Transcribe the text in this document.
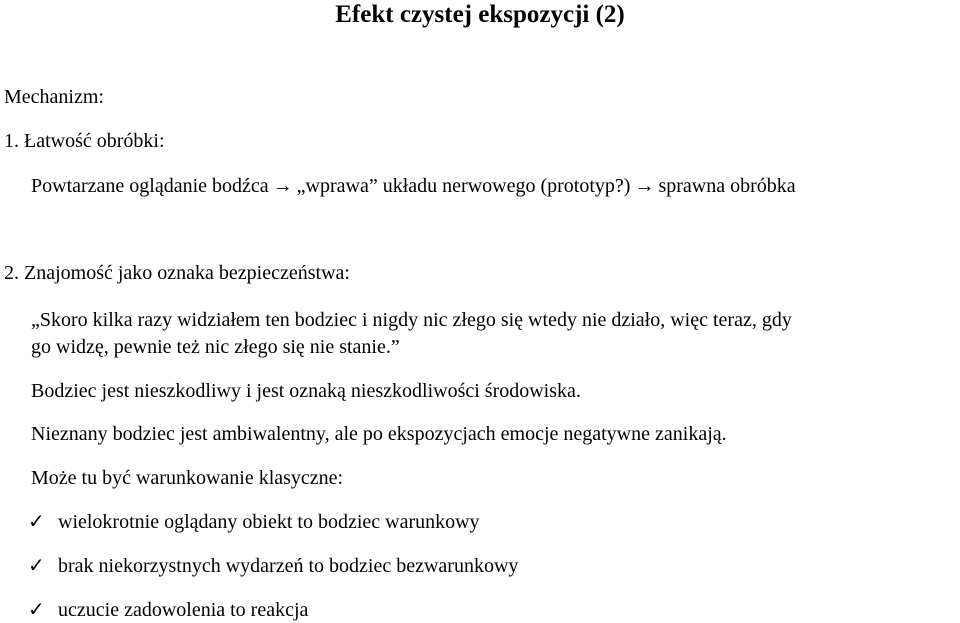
Efekt czystej ekspozycji (2)
Mechanizm:
1. Łatwość obróbki:
Powtarzane oglądanie bodźca → „wprawa” układu nerwowego (prototyp?) → sprawna obróbka
2. Znajomość jako oznaka bezpieczeństwa:
„Skoro kilka razy widziałem ten bodziec i nigdy nic złego się wtedy nie działo, więc teraz, gdy
go widzę, pewnie też nic złego się nie stanie.”
Bodziec jest nieszkodliwy i jest oznaką nieszkodliwości środowiska.
Nieznany bodziec jest ambiwalentny, ale po ekspozycjach emocje negatywne zanikają.
Może tu być warunkowanie klasyczne:
✓ wielokrotnie oglądany obiekt to bodziec warunkowy
✓ brak niekorzystnych wydarzeń to bodziec bezwarunkowy
✓ uczucie zadowolenia to reakcja
